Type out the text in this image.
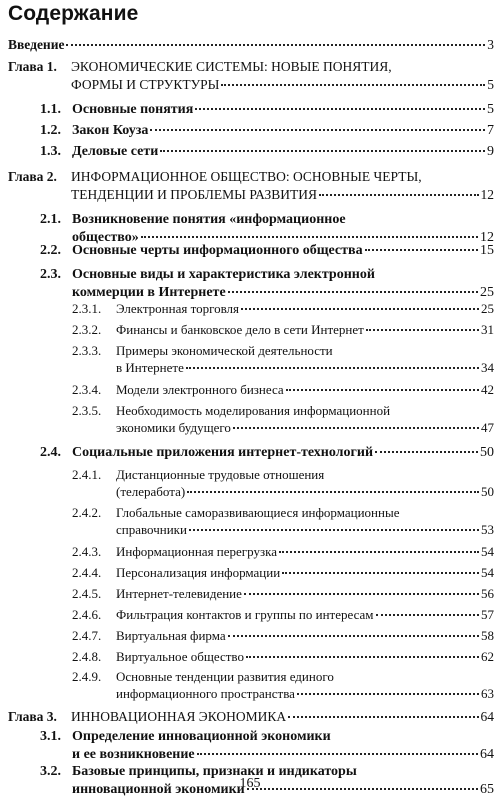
Содержание
Введение	3
Глава 1.	ЭКОНОМИЧЕСКИЕ СИСТЕМЫ: НОВЫЕ ПОНЯТИЯ,
ФОРМЫ И СТРУКТУРЫ	5
1.1. Основные понятия	5
1.2. Закон Коуза	7
1.3. Деловые сети	9
Глава 2.	ИНФОРМАЦИОННОЕ ОБЩЕСТВО: ОСНОВНЫЕ ЧЕРТЫ,
ТЕНДЕНЦИИ И ПРОБЛЕМЫ РАЗВИТИЯ	12
2.1. Возникновение понятия «информационное
общество»	12
2.2. Основные черты информационного общества	15
2.3. Основные виды и характеристика электронной
коммерции в Интернете	25
2.3.1.	Электронная торговля	25
2.3.2.	Финансы и банковское дело в сети Интернет	31
2.3.3.	Примеры экономической деятельности
в Интернете	34
2.3.4.	Модели электронного бизнеса	42
2.3.5.	Необходимость моделирования информационной
экономики будущего	47
2.4. Социальные приложения интернет-технологий	50
2.4.1.	Дистанционные трудовые отношения
(телеработа)	50
2.4.2.	Глобальные саморазвивающиеся информационные
справочники	53
2.4.3.	Информационная перегрузка	54
2.4.4.	Персонализация информации	54
2.4.5.	Интернет-телевидение	56
2.4.6.	Фильтрация контактов и группы по интересам	57
2.4.7.	Виртуальная фирма	58
2.4.8.	Виртуальное общество	62
2.4.9.	Основные тенденции развития единого
информационного пространства	63
Глава 3.	ИННОВАЦИОННАЯ ЭКОНОМИКА	64
3.1. Определение инновационной экономики
и ее возникновение	64
3.2. Базовые принципы, признаки и индикаторы
инновационной экономики	65
165
